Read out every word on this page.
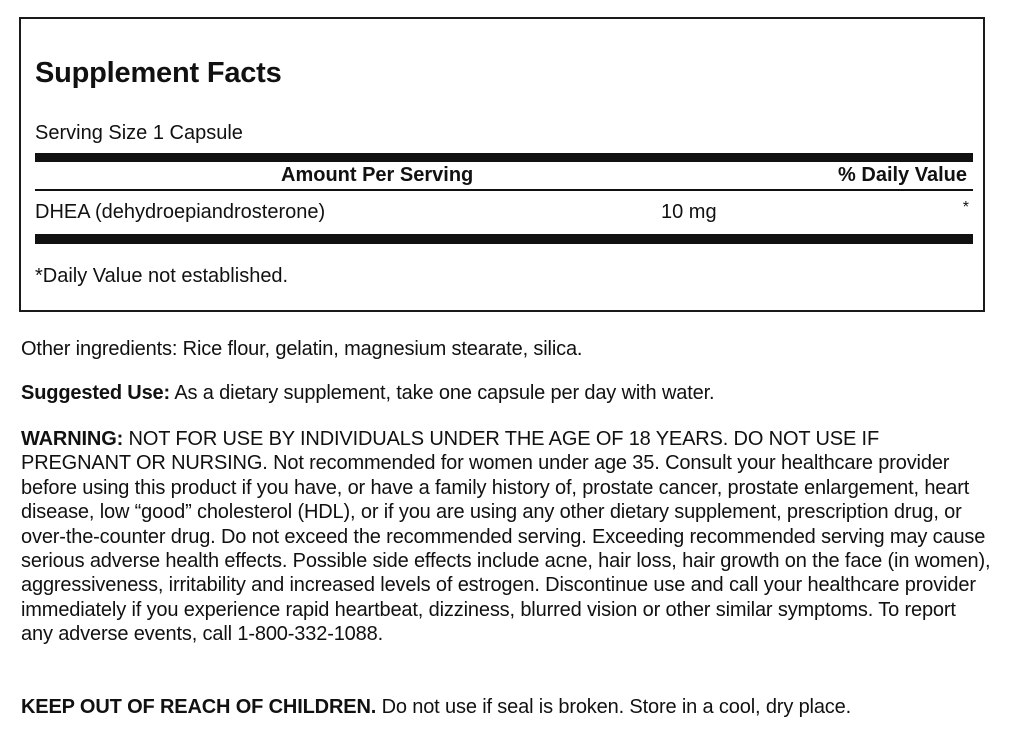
Supplement Facts
Serving Size 1 Capsule
Amount Per Serving	% Daily Value
DHEA (dehydroepiandrosterone)	10 mg	*
*Daily Value not established.
Other ingredients: Rice flour, gelatin, magnesium stearate, silica.
Suggested Use: As a dietary supplement, take one capsule per day with water.
WARNING: NOT FOR USE BY INDIVIDUALS UNDER THE AGE OF 18 YEARS. DO NOT USE IF PREGNANT OR NURSING. Not recommended for women under age 35. Consult your healthcare provider before using this product if you have, or have a family history of, prostate cancer, prostate enlargement, heart disease, low “good” cholesterol (HDL), or if you are using any other dietary supplement, prescription drug, or over-the-counter drug. Do not exceed the recommended serving. Exceeding recommended serving may cause serious adverse health effects. Possible side effects include acne, hair loss, hair growth on the face (in women), aggressiveness, irritability and increased levels of estrogen. Discontinue use and call your healthcare provider immediately if you experience rapid heartbeat, dizziness, blurred vision or other similar symptoms. To report any adverse events, call 1-800-332-1088.
KEEP OUT OF REACH OF CHILDREN. Do not use if seal is broken. Store in a cool, dry place.
